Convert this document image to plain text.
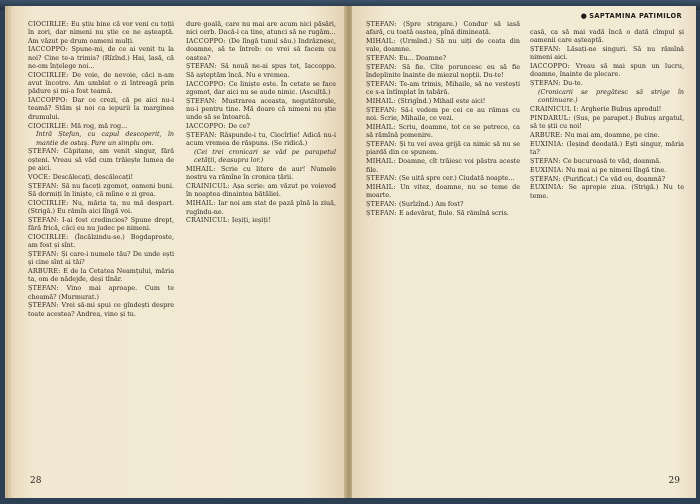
CIOCIRLIE: Eu știu bine că vor veni cu toții în zori, dar nimeni nu știe ce ne așteaptă. Am văzut pe drum oameni mulți.

IACCOPPO: Spune-mi, de ce ai venit tu la noi? Cine te-a trimis? (Rîzînd.) Hai, lasă, că ne-om înțelege noi...

CIOCIRLIE: De voie, de nevoie, căci n-am avut încotro. Am umblat o zi întreagă prin pădure și mi-a fost teamă.

IACCOPPO: Dar ce crezi, că pe aici nu-i teamă? Stăm și noi ca iepurii la marginea drumului.

CIOCIRLIE: Mă rog, mă rog...

Intră Ștefan, cu capul descoperit, în mantie de ostaș. Pare un simplu om.

ȘTEFAN: Căpitane, am venit singur, fără oșteni. Vreau să văd cum trăiește lumea de pe aici.

VOCE: Descălecați, descălecați!

ȘTEFAN: Să nu faceți zgomot, oameni buni. Să dormiți în liniște, că mîine e zi grea.

CIOCIRLIE: Nu, măria ta, nu mă despart. (Strigă.) Eu rămîn aici lîngă voi.

ȘTEFAN: I-ai fost credincios? Spune drept, fără frică, căci eu nu judec pe nimeni.

CIOCIRLIE: (Încălzindu-se.) Bogdaproste, am fost și sînt.

ȘTEFAN: Și care-i numele tău? De unde ești și cine sînt ai tăi?

ARBURE: E de la Cetatea Neamțului, măria ta, om de nădejde, deși tînăr.

ȘTEFAN: Vino mai aproape. Cum te cheamă? (Murmurat.)

ȘTEFAN: Vrei să-mi spui ce gîndești despre toate acestea? Andrea, vino și tu.

dure goală, care nu mai are acum nici păsări, nici cerb. Dacă-i ca tine, atunci să ne rugăm...

IACCOPPO: (De lîngă tunul său.) Indrăznesc, doamne, să te întreb: ce vrei să facem cu oastea?

ȘTEFAN: Să nouă ne-ai spus tot, Iaccoppo. Să așteptăm încă. Nu e vremea.

IACCOPPO: Ce liniște este. În cetate se face zgomot, dar aici nu se aude nimic. (Ascultă.)

ȘTEFAN: Mustrarea aceasta, negutătorule, nu-i pentru tine. Mă doare că nimeni nu știe unde să se întoarcă.

IACCOPPO: De ce?

ȘTEFAN: Răspunde-i tu, Ciocîrlie! Adică nu-i acum vremea de răspuns. (Se ridică.)

(Cei trei cronicari se văd pe parapetul cetății, deasupra lor.)

MIHAIL: Scrie cu litere de aur! Numele nostru va rămîne în cronica țării.

CRAINICUL: Așa scrie: am văzut pe voievod în noaptea dinaintea bătăliei.

MIHAIL: Iar noi am stat de pază pînă la ziuă, rugîndu-ne.

CRAINICUL: Ieșiți, ieșiți!

28
● SAPTAMINA PATIMILOR

ȘTEFAN: (Spre strigare.) Condur să iasă afară, cu toată oastea, pînă dimineață.

MIHAIL: (Urmînd.) Să nu uiți de ceata din vale, doamne.

ȘTEFAN: Eu... Doamne?

ȘTEFAN: Să fie. Cîte poruncesc eu să fie îndeplinite înainte de miezul nopții. Du-te!

ȘTEFAN: Te-am trimis, Mihaile, să ne vestești ce s-a întîmplat în tabără.

MIHAIL: (Strigînd.) Mihail este aici!

ȘTEFAN: Să-i vedem pe cei ce au rămas cu noi. Scrie, Mihaile, ce vezi.

MIHAIL: Scriu, doamne, tot ce se petrece, ca să rămînă pomenire.

ȘTEFAN: Și tu vei avea grijă ca nimic să nu se piardă din ce spunem.

MIHAIL: Doamne, cît trăiesc voi păstra aceste file.

ȘTEFAN: (Se uită spre cer.) Ciudată noapte...

MIHAIL: Un vitez, doamne, nu se teme de moarte.

ȘTEFAN: (Surîzînd.) Am fost?

ȘTEFAN: E adevărat, fiule. Să rămînă scris.

casă, ca să mai vadă încă o dată cîmpul și oamenii care așteaptă.

ȘTEFAN: Lăsați-ne singuri. Să nu rămînă nimeni aici.

IACCOPPO: Vreau să mai spun un lucru, doamne, înainte de plecare.

ȘTEFAN: Du-te.

(Cronicarii se pregătesc să strige în continuare.)

CRAINICUL I: Argherie Bubuș aprodul!

PINDARUL: (Sus, pe parapet.) Bubuș argatul, să te știi cu noi!

ARBURE: Nu mai am, doamne, pe cine.

EUXINIA: (Ieșind deodată.) Ești singur, măria ta?

ȘTEFAN: Ce bucuroasă te văd, doamnă.

EUXINIA: Nu mai ai pe nimeni lîngă tine.

ȘTEFAN: (Purificat.) Ce văd eu, doamnă?

EUXINIA: Se apropie ziua. (Strigă.) Nu te teme.

29
